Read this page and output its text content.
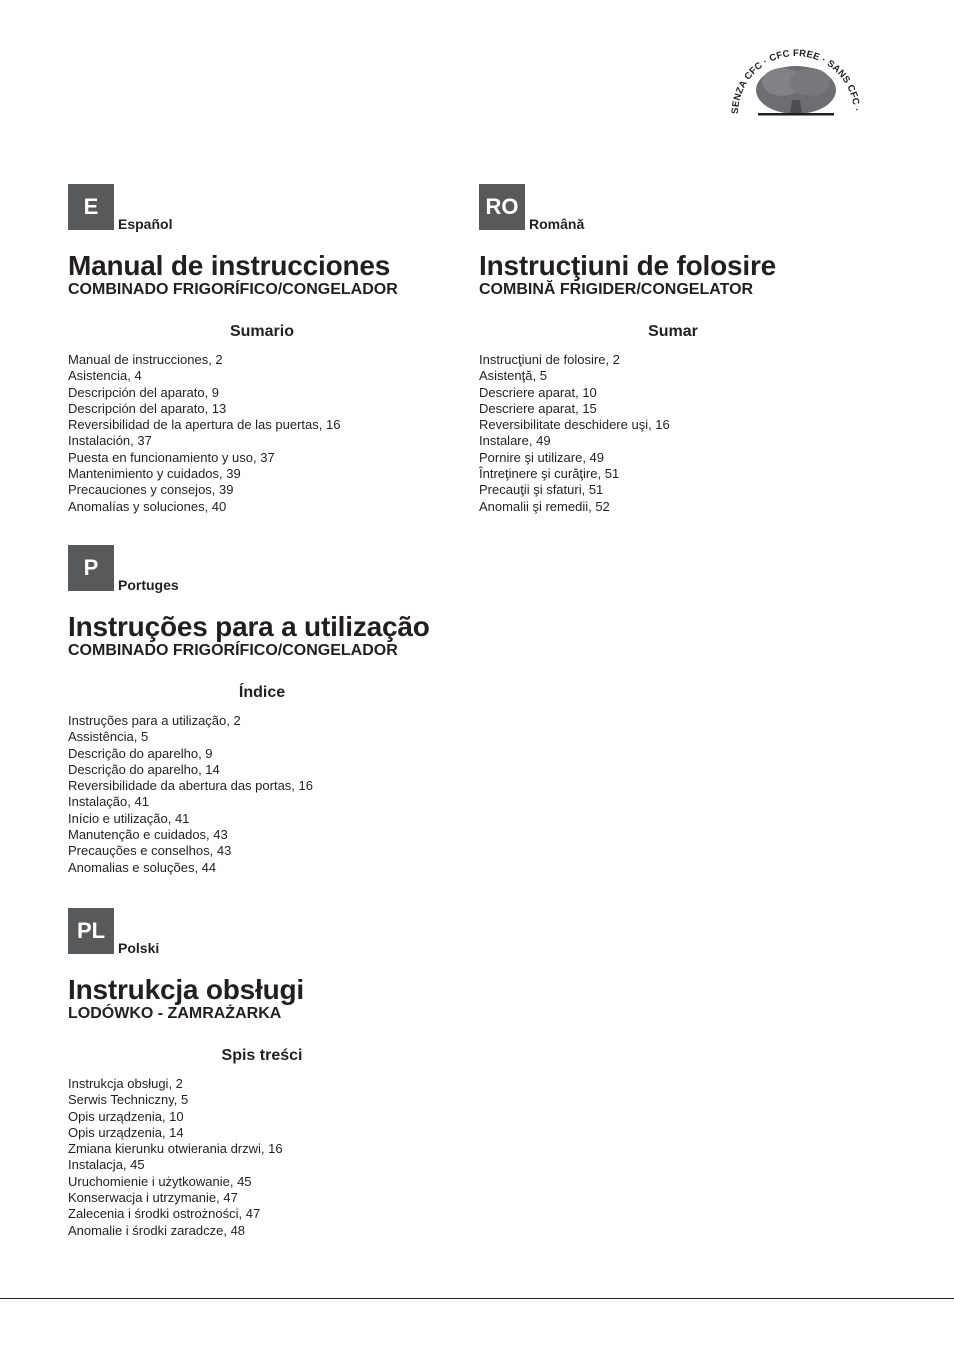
SENZA CFC · CFC FREE · SANS CFC ·
E
Español
Manual de instrucciones
COMBINADO FRIGORÍFICO/CONGELADOR
Sumario
Manual de instrucciones, 2
Asistencia, 4
Descripción del aparato, 9
Descripción del aparato, 13
Reversibilidad de la apertura de las puertas, 16
Instalación, 37
Puesta en funcionamiento y uso, 37
Mantenimiento y cuidados, 39
Precauciones y consejos, 39
Anomalías y soluciones, 40
RO
Română
Instrucţiuni de folosire
COMBINĂ FRIGIDER/CONGELATOR
Sumar
Instrucţiuni de folosire, 2
Asistenţă, 5
Descriere aparat, 10
Descriere aparat, 15
Reversibilitate deschidere uşi, 16
Instalare, 49
Pornire şi utilizare, 49
Întreţinere şi curăţire, 51
Precauţii şi sfaturi, 51
Anomalii şi remedii, 52
P
Portuges
Instruções para a utilização
COMBINADO FRIGORÍFICO/CONGELADOR
Índice
Instruções para a utilização, 2
Assistência, 5
Descrição do aparelho, 9
Descrição do aparelho, 14
Reversibilidade da abertura das portas, 16
Instalação, 41
Início e utilização, 41
Manutenção e cuidados, 43
Precauções e conselhos, 43
Anomalias e soluções, 44
PL
Polski
Instrukcja obsługi
LODÓWKO - ZAMRAŻARKA
Spis treści
Instrukcja obsługi, 2
Serwis Techniczny, 5
Opis urządzenia, 10
Opis urządzenia, 14
Zmiana kierunku otwierania drzwi, 16
Instalacja, 45
Uruchomienie i użytkowanie, 45
Konserwacja i utrzymanie, 47
Zalecenia i środki ostrożności, 47
Anomalie i środki zaradcze, 48
